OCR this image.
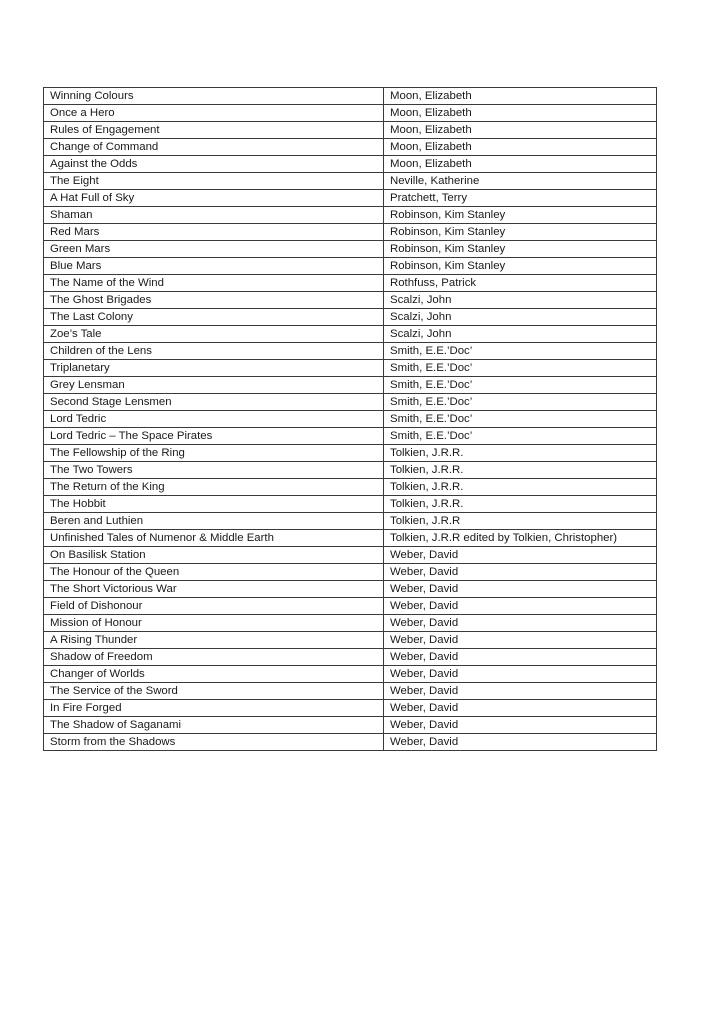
Winning Colours	Moon, Elizabeth
Once a Hero	Moon, Elizabeth
Rules of Engagement	Moon, Elizabeth
Change of Command	Moon, Elizabeth
Against the Odds	Moon, Elizabeth
The Eight	Neville, Katherine
A Hat Full of Sky	Pratchett, Terry
Shaman	Robinson, Kim Stanley
Red Mars	Robinson, Kim Stanley
Green Mars	Robinson, Kim Stanley
Blue Mars	Robinson, Kim Stanley
The Name of the Wind	Rothfuss, Patrick
The Ghost Brigades	Scalzi, John
The Last Colony	Scalzi, John
Zoe’s Tale	Scalzi, John
Children of the Lens	Smith, E.E.’Doc’
Triplanetary	Smith, E.E.’Doc’
Grey Lensman	Smith, E.E.’Doc’
Second Stage Lensmen	Smith, E.E.’Doc’
Lord Tedric	Smith, E.E.’Doc’
Lord Tedric – The Space Pirates	Smith, E.E.’Doc’
The Fellowship of the Ring	Tolkien, J.R.R.
The Two Towers	Tolkien, J.R.R.
The Return of the King	Tolkien, J.R.R.
The Hobbit	Tolkien, J.R.R.
Beren and Luthien	Tolkien, J.R.R
Unfinished Tales of Numenor & Middle Earth	Tolkien, J.R.R edited by Tolkien, Christopher)
On Basilisk Station	Weber, David
The Honour of the Queen	Weber, David
The Short Victorious War	Weber, David
Field of Dishonour	Weber, David
Mission of Honour	Weber, David
A Rising Thunder	Weber, David
Shadow of Freedom	Weber, David
Changer of Worlds	Weber, David
The Service of the Sword	Weber, David
In Fire Forged	Weber, David
The Shadow of Saganami	Weber, David
Storm from the Shadows	Weber, David
